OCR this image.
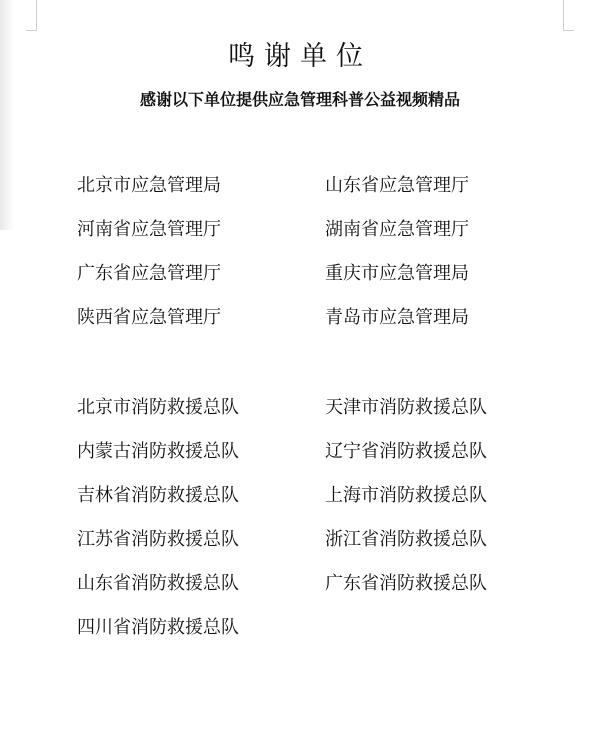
鸣谢单位
感谢以下单位提供应急管理科普公益视频精品
北京市应急管理局	山东省应急管理厅
河南省应急管理厅	湖南省应急管理厅
广东省应急管理厅	重庆市应急管理局
陕西省应急管理厅	青岛市应急管理局
北京市消防救援总队	天津市消防救援总队
内蒙古消防救援总队	辽宁省消防救援总队
吉林省消防救援总队	上海市消防救援总队
江苏省消防救援总队	浙江省消防救援总队
山东省消防救援总队	广东省消防救援总队
四川省消防救援总队
